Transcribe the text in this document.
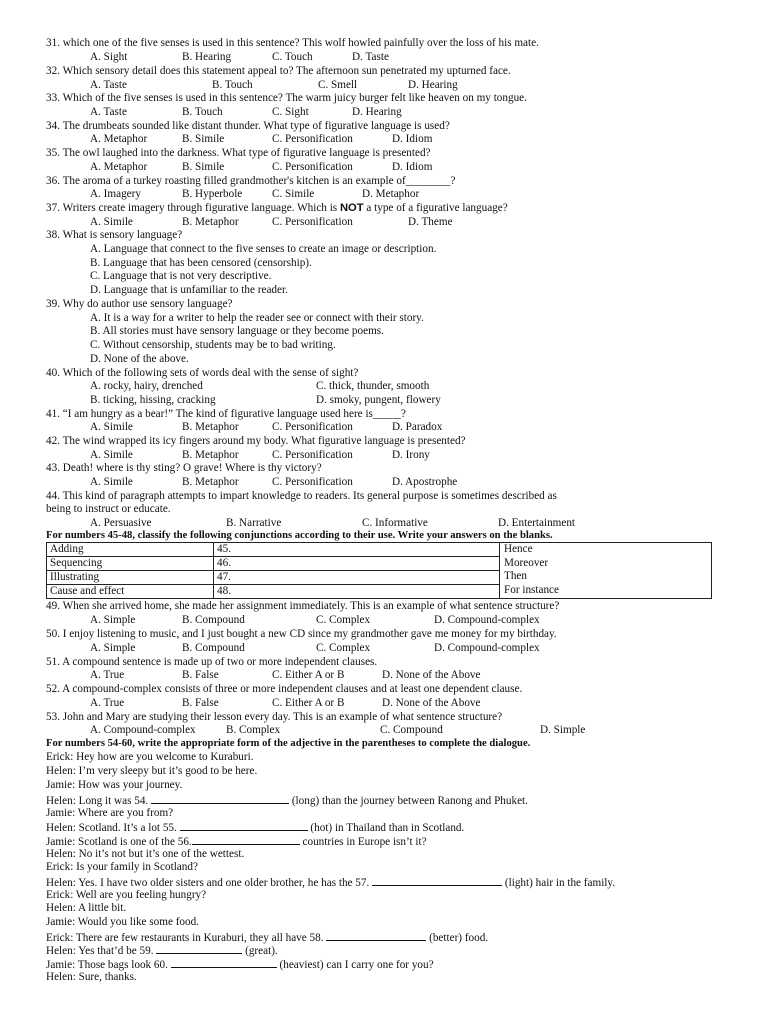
31. which one of the five senses is used in this sentence? This wolf howled painfully over the loss of his mate.
A. Sight	B. Hearing	C. Touch	D. Taste
32. Which sensory detail does this statement appeal to? The afternoon sun penetrated my upturned face.
A. Taste	B. Touch	C. Smell	D. Hearing
33. Which of the five senses is used in this sentence? The warm juicy burger felt like heaven on my tongue.
A. Taste	B. Touch	C. Sight	D. Hearing
34. The drumbeats sounded like distant thunder. What type of figurative language is used?
A. Metaphor	B. Simile	C. Personification	D. Idiom
35. The owl laughed into the darkness. What type of figurative language is presented?
A. Metaphor	B. Simile	C. Personification	D. Idiom
36. The aroma of a turkey roasting filled grandmother's kitchen is an example of________?
A. Imagery	B. Hyperbole	C. Simile	D. Metaphor
37. Writers create imagery through figurative language. Which is NOT a type of a figurative language?
A. Simile	B. Metaphor	C. Personification	D. Theme
38. What is sensory language?
A. Language that connect to the five senses to create an image or description.
B. Language that has been censored (censorship).
C. Language that is not very descriptive.
D. Language that is unfamiliar to the reader.
39. Why do author use sensory language?
A. It is a way for a writer to help the reader see or connect with their story.
B. All stories must have sensory language or they become poems.
C. Without censorship, students may be to bad writing.
D. None of the above.
40. Which of the following sets of words deal with the sense of sight?
A. rocky, hairy, drenched	C. thick, thunder, smooth
B. ticking, hissing, cracking	D. smoky, pungent, flowery
41. “I am hungry as a bear!” The kind of figurative language used here is_____?
A. Simile	B. Metaphor	C. Personification	D. Paradox
42. The wind wrapped its icy fingers around my body. What figurative language is presented?
A. Simile	B. Metaphor	C. Personification	D. Irony
43. Death! where is thy sting? O grave! Where is thy victory?
A. Simile	B. Metaphor	C. Personification	D. Apostrophe
44. This kind of paragraph attempts to impart knowledge to readers. Its general purpose is sometimes described as
being to instruct or educate.
A. Persuasive	B. Narrative	C. Informative	D. Entertainment
For numbers 45-48, classify the following conjunctions according to their use. Write your answers on the blanks.
Adding	45.	Hence
Moreover
Then
For instance

Sequencing	46.	
Illustrating	47.	
Cause and effect	48.	
49. When she arrived home, she made her assignment immediately. This is an example of what sentence structure?
A. Simple	B. Compound	C. Complex	D. Compound-complex
50. I enjoy listening to music, and I just bought a new CD since my grandmother gave me money for my birthday.
A. Simple	B. Compound	C. Complex	D. Compound-complex
51. A compound sentence is made up of two or more independent clauses.
A. True	B. False	C. Either A or B	D. None of the Above
52. A compound-complex consists of three or more independent clauses and at least one dependent clause.
A. True	B. False	C. Either A or B	D. None of the Above
53. John and Mary are studying their lesson every day. This is an example of what sentence structure?
A. Compound-complex	B. Complex	C. Compound	D. Simple
For numbers 54-60, write the appropriate form of the adjective in the parentheses to complete the dialogue.
Erick: Hey how are you welcome to Kuraburi.
Helen: I’m very sleepy but it’s good to be here.
Jamie: How was your journey.
Helen: Long it was 54.	(long) than the journey between Ranong and Phuket.
Jamie: Where are you from?
Helen: Scotland. It’s a lot 55.	(hot) in Thailand than in Scotland.
Jamie: Scotland is one of the 56.	countries in Europe isn’t it?
Helen: No it’s not but it’s one of the wettest.
Erick: Is your family in Scotland?
Helen: Yes. I have two older sisters and one older brother, he has the 57.	(light) hair in the family.
Erick: Well are you feeling hungry?
Helen: A little bit.
Jamie: Would you like some food.
Erick: There are few restaurants in Kuraburi, they all have 58.	(better) food.
Helen: Yes that’d be 59.	(great).
Jamie: Those bags look 60.	(heaviest) can I carry one for you?
Helen: Sure, thanks.
